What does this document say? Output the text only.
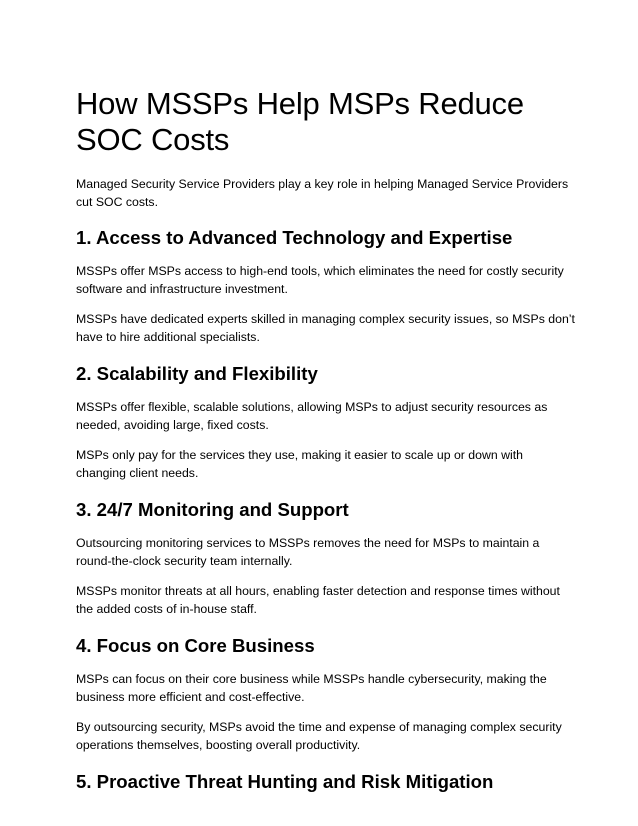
How MSSPs Help MSPs Reduce SOC Costs

Managed Security Service Providers play a key role in helping Managed Service Providers cut SOC costs.

1. Access to Advanced Technology and Expertise

MSSPs offer MSPs access to high-end tools, which eliminates the need for costly security software and infrastructure investment.

MSSPs have dedicated experts skilled in managing complex security issues, so MSPs don’t have to hire additional specialists.

2. Scalability and Flexibility

MSSPs offer flexible, scalable solutions, allowing MSPs to adjust security resources as needed, avoiding large, fixed costs.

MSPs only pay for the services they use, making it easier to scale up or down with changing client needs.

3. 24/7 Monitoring and Support

Outsourcing monitoring services to MSSPs removes the need for MSPs to maintain a round-the-clock security team internally.

MSSPs monitor threats at all hours, enabling faster detection and response times without the added costs of in-house staff.

4. Focus on Core Business

MSPs can focus on their core business while MSSPs handle cybersecurity, making the business more efficient and cost-effective.

By outsourcing security, MSPs avoid the time and expense of managing complex security operations themselves, boosting overall productivity.

5. Proactive Threat Hunting and Risk Mitigation
